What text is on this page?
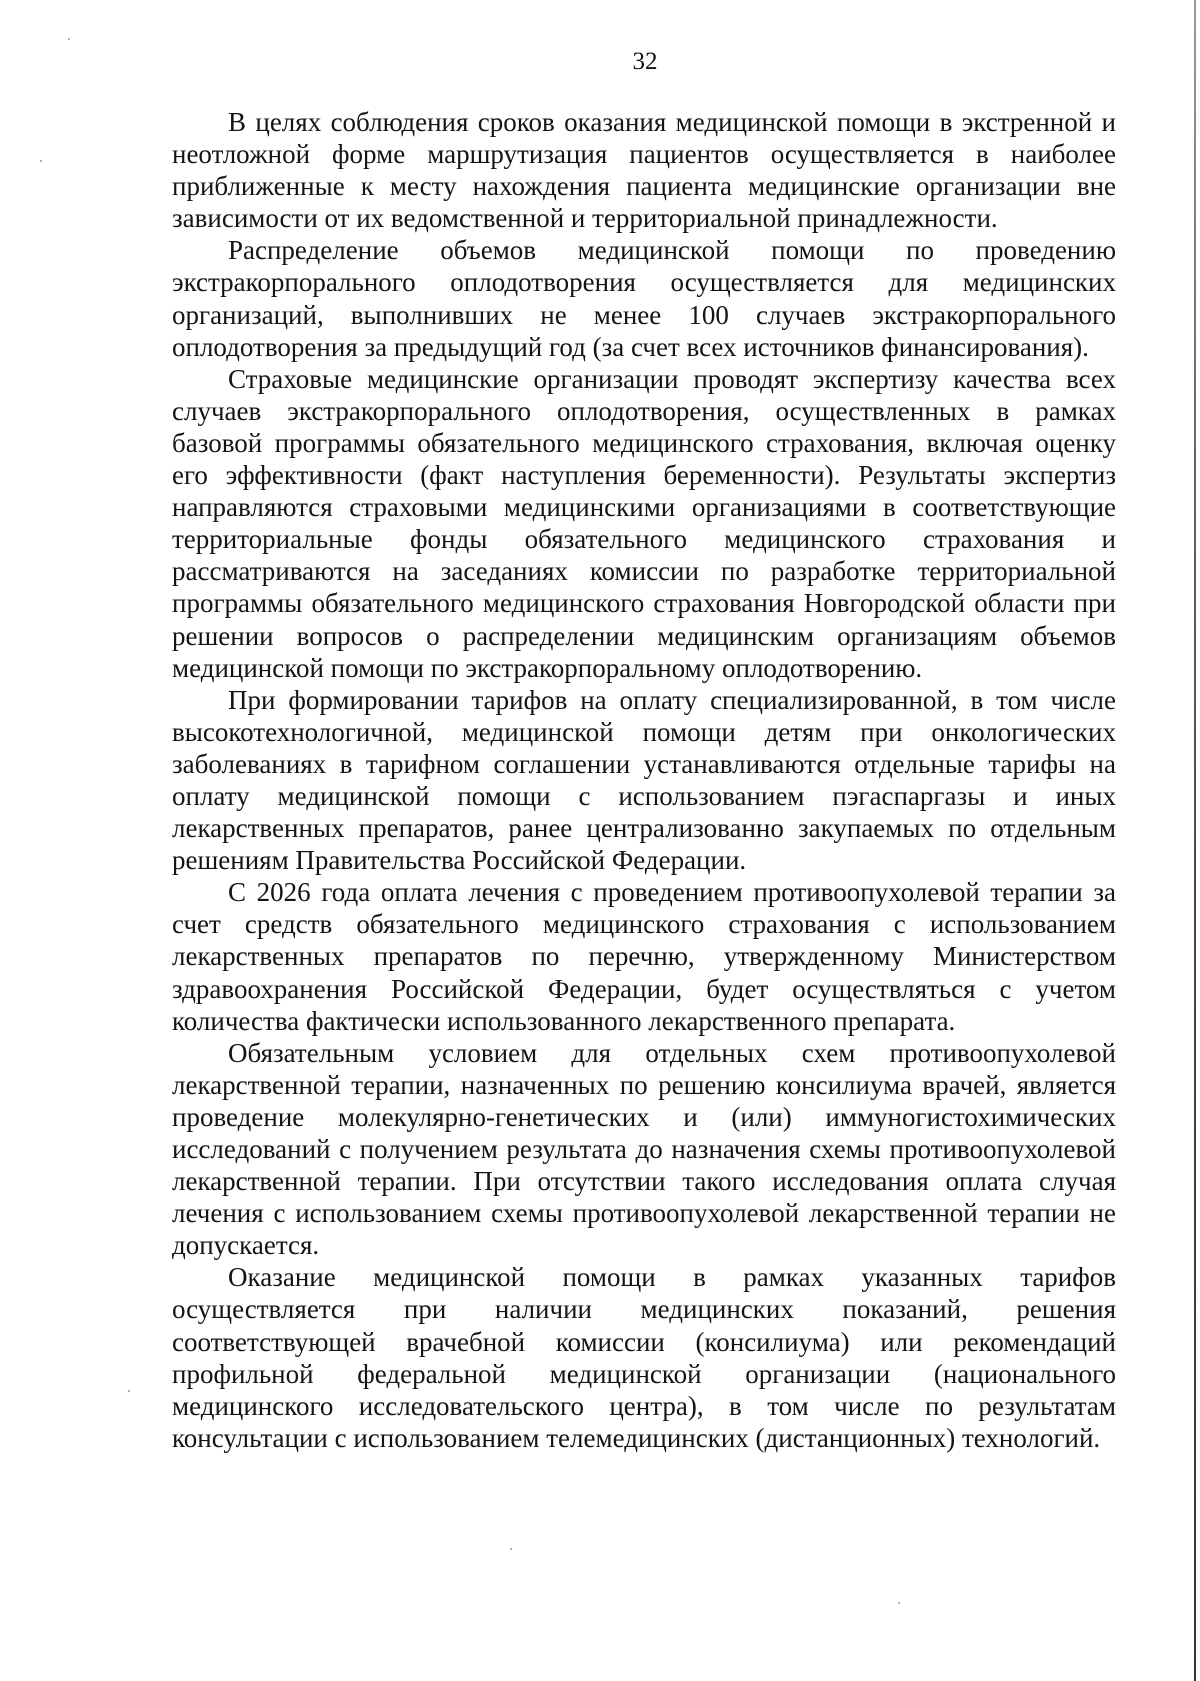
32

В целях соблюдения сроков оказания медицинской помощи в экстренной и неотложной форме маршрутизация пациентов осуществляется в наиболее приближенные к месту нахождения пациента медицинские организации вне зависимости от их ведомственной и территориальной принадлежности.

Распределение объемов медицинской помощи по проведению экстракорпорального оплодотворения осуществляется для медицинских организаций, выполнивших не менее 100 случаев экстракорпорального оплодотворения за предыдущий год (за счет всех источников финансирования).

Страховые медицинские организации проводят экспертизу качества всех случаев экстракорпорального оплодотворения, осуществленных в рамках базовой программы обязательного медицинского страхования, включая оценку его эффективности (факт наступления беременности). Результаты экспертиз направляются страховыми медицинскими организациями в соответствующие территориальные фонды обязательного медицинского страхования и рассматриваются на заседаниях комиссии по разработке территориальной программы обязательного медицинского страхования Новгородской области при решении вопросов о распределении медицинским организациям объемов медицинской помощи по экстракорпоральному оплодотворению.

При формировании тарифов на оплату специализированной, в том числе высокотехнологичной, медицинской помощи детям при онкологических заболеваниях в тарифном соглашении устанавливаются отдельные тарифы на оплату медицинской помощи с использованием пэгаспаргазы и иных лекарственных препаратов, ранее централизованно закупаемых по отдельным решениям Правительства Российской Федерации.

С 2026 года оплата лечения с проведением противоопухолевой терапии за счет средств обязательного медицинского страхования с использованием лекарственных препаратов по перечню, утвержденному Министерством здравоохранения Российской Федерации, будет осуществляться с учетом количества фактически использованного лекарственного препарата.

Обязательным условием для отдельных схем противоопухолевой лекарственной терапии, назначенных по решению консилиума врачей, является проведение молекулярно-генетических и (или) иммуногистохимических исследований с получением результата до назначения схемы противоопухолевой лекарственной терапии. При отсутствии такого исследования оплата случая лечения с использованием схемы противоопухолевой лекарственной терапии не допускается.

Оказание медицинской помощи в рамках указанных тарифов осуществляется при наличии медицинских показаний, решения соответствующей врачебной комиссии (консилиума) или рекомендаций профильной федеральной медицинской организации (национального медицинского исследовательского центра), в том числе по результатам консультации с использованием телемедицинских (дистанционных) технологий.
